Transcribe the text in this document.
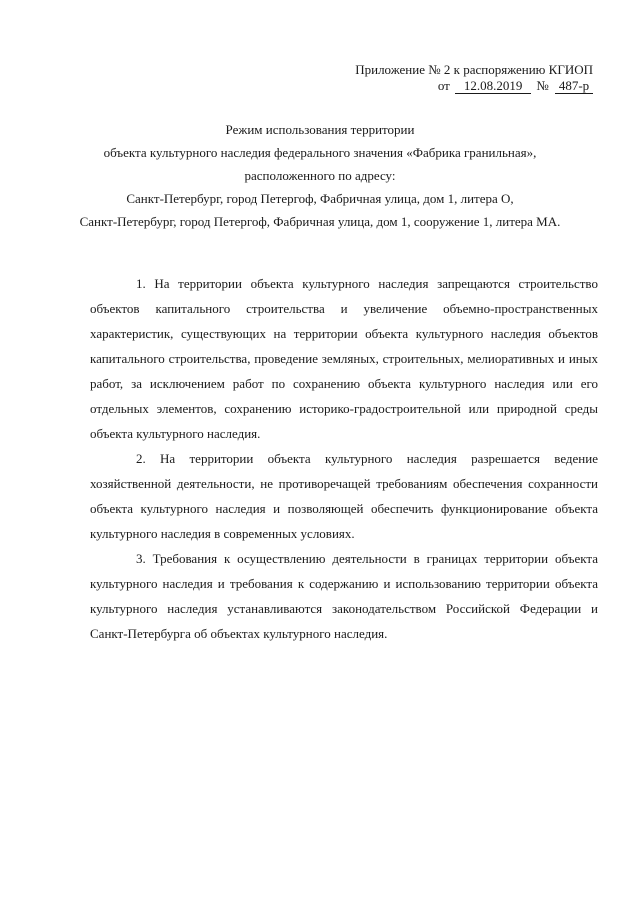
Приложение № 2 к распоряжению КГИОП
от 12.08.2019 № 487-р
Режим использования территории
объекта культурного наследия федерального значения «Фабрика гранильная»,
расположенного по адресу:
Санкт-Петербург, город Петергоф, Фабричная улица, дом 1, литера О,
Санкт-Петербург, город Петергоф, Фабричная улица, дом 1, сооружение 1, литера МА.

1. На территории объекта культурного наследия запрещаются строительство объектов капитального строительства и увеличение объемно-пространственных характеристик, существующих на территории объекта культурного наследия объектов капитального строительства, проведение земляных, строительных, мелиоративных и иных работ, за исключением работ по сохранению объекта культурного наследия или его отдельных элементов, сохранению историко-градостроительной или природной среды объекта культурного наследия.

2. На территории объекта культурного наследия разрешается ведение хозяйственной деятельности, не противоречащей требованиям обеспечения сохранности объекта культурного наследия и позволяющей обеспечить функционирование объекта культурного наследия в современных условиях.

3. Требования к осуществлению деятельности в границах территории объекта культурного наследия и требования к содержанию и использованию территории объекта культурного наследия устанавливаются законодательством Российской Федерации и Санкт-Петербурга об объектах культурного наследия.
